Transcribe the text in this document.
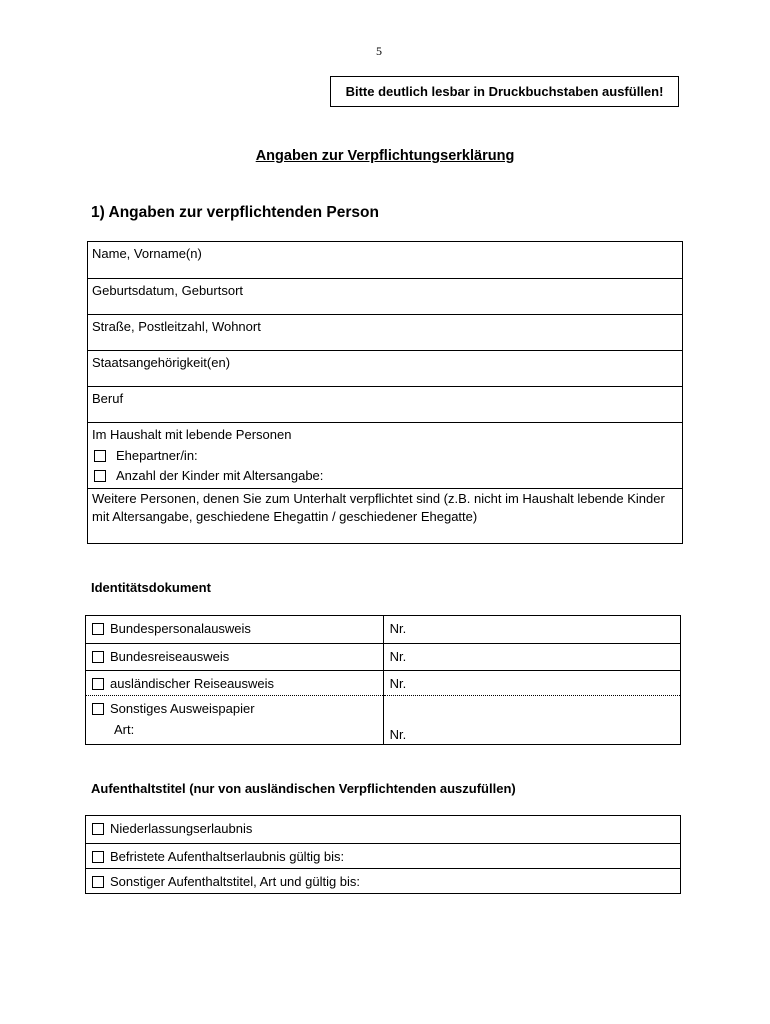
5
Bitte deutlich lesbar in Druckbuchstaben ausfüllen!
Angaben zur Verpflichtungserklärung
1) Angaben zur verpflichtenden Person
Name, Vorname(n)
Geburtsdatum, Geburtsort
Straße, Postleitzahl, Wohnort
Staatsangehörigkeit(en)
Beruf
Im Haushalt mit lebende Personen
Ehepartner/in:
Anzahl der Kinder mit Altersangabe:

Weitere Personen, denen Sie zum Unterhalt verpflichtet sind (z.B. nicht im Haushalt lebende Kinder mit Altersangabe, geschiedene Ehegattin / geschiedener Ehegatte)
Identitätsdokument
Bundespersonalausweis	Nr.
Bundesreiseausweis	Nr.
ausländischer Reiseausweis	Nr.
Sonstiges Ausweispapier
Art:	Nr.
Aufenthaltstitel (nur von ausländischen Verpflichtenden auszufüllen)
Niederlassungserlaubnis
Befristete Aufenthaltserlaubnis gültig bis:
Sonstiger Aufenthaltstitel, Art und gültig bis:
